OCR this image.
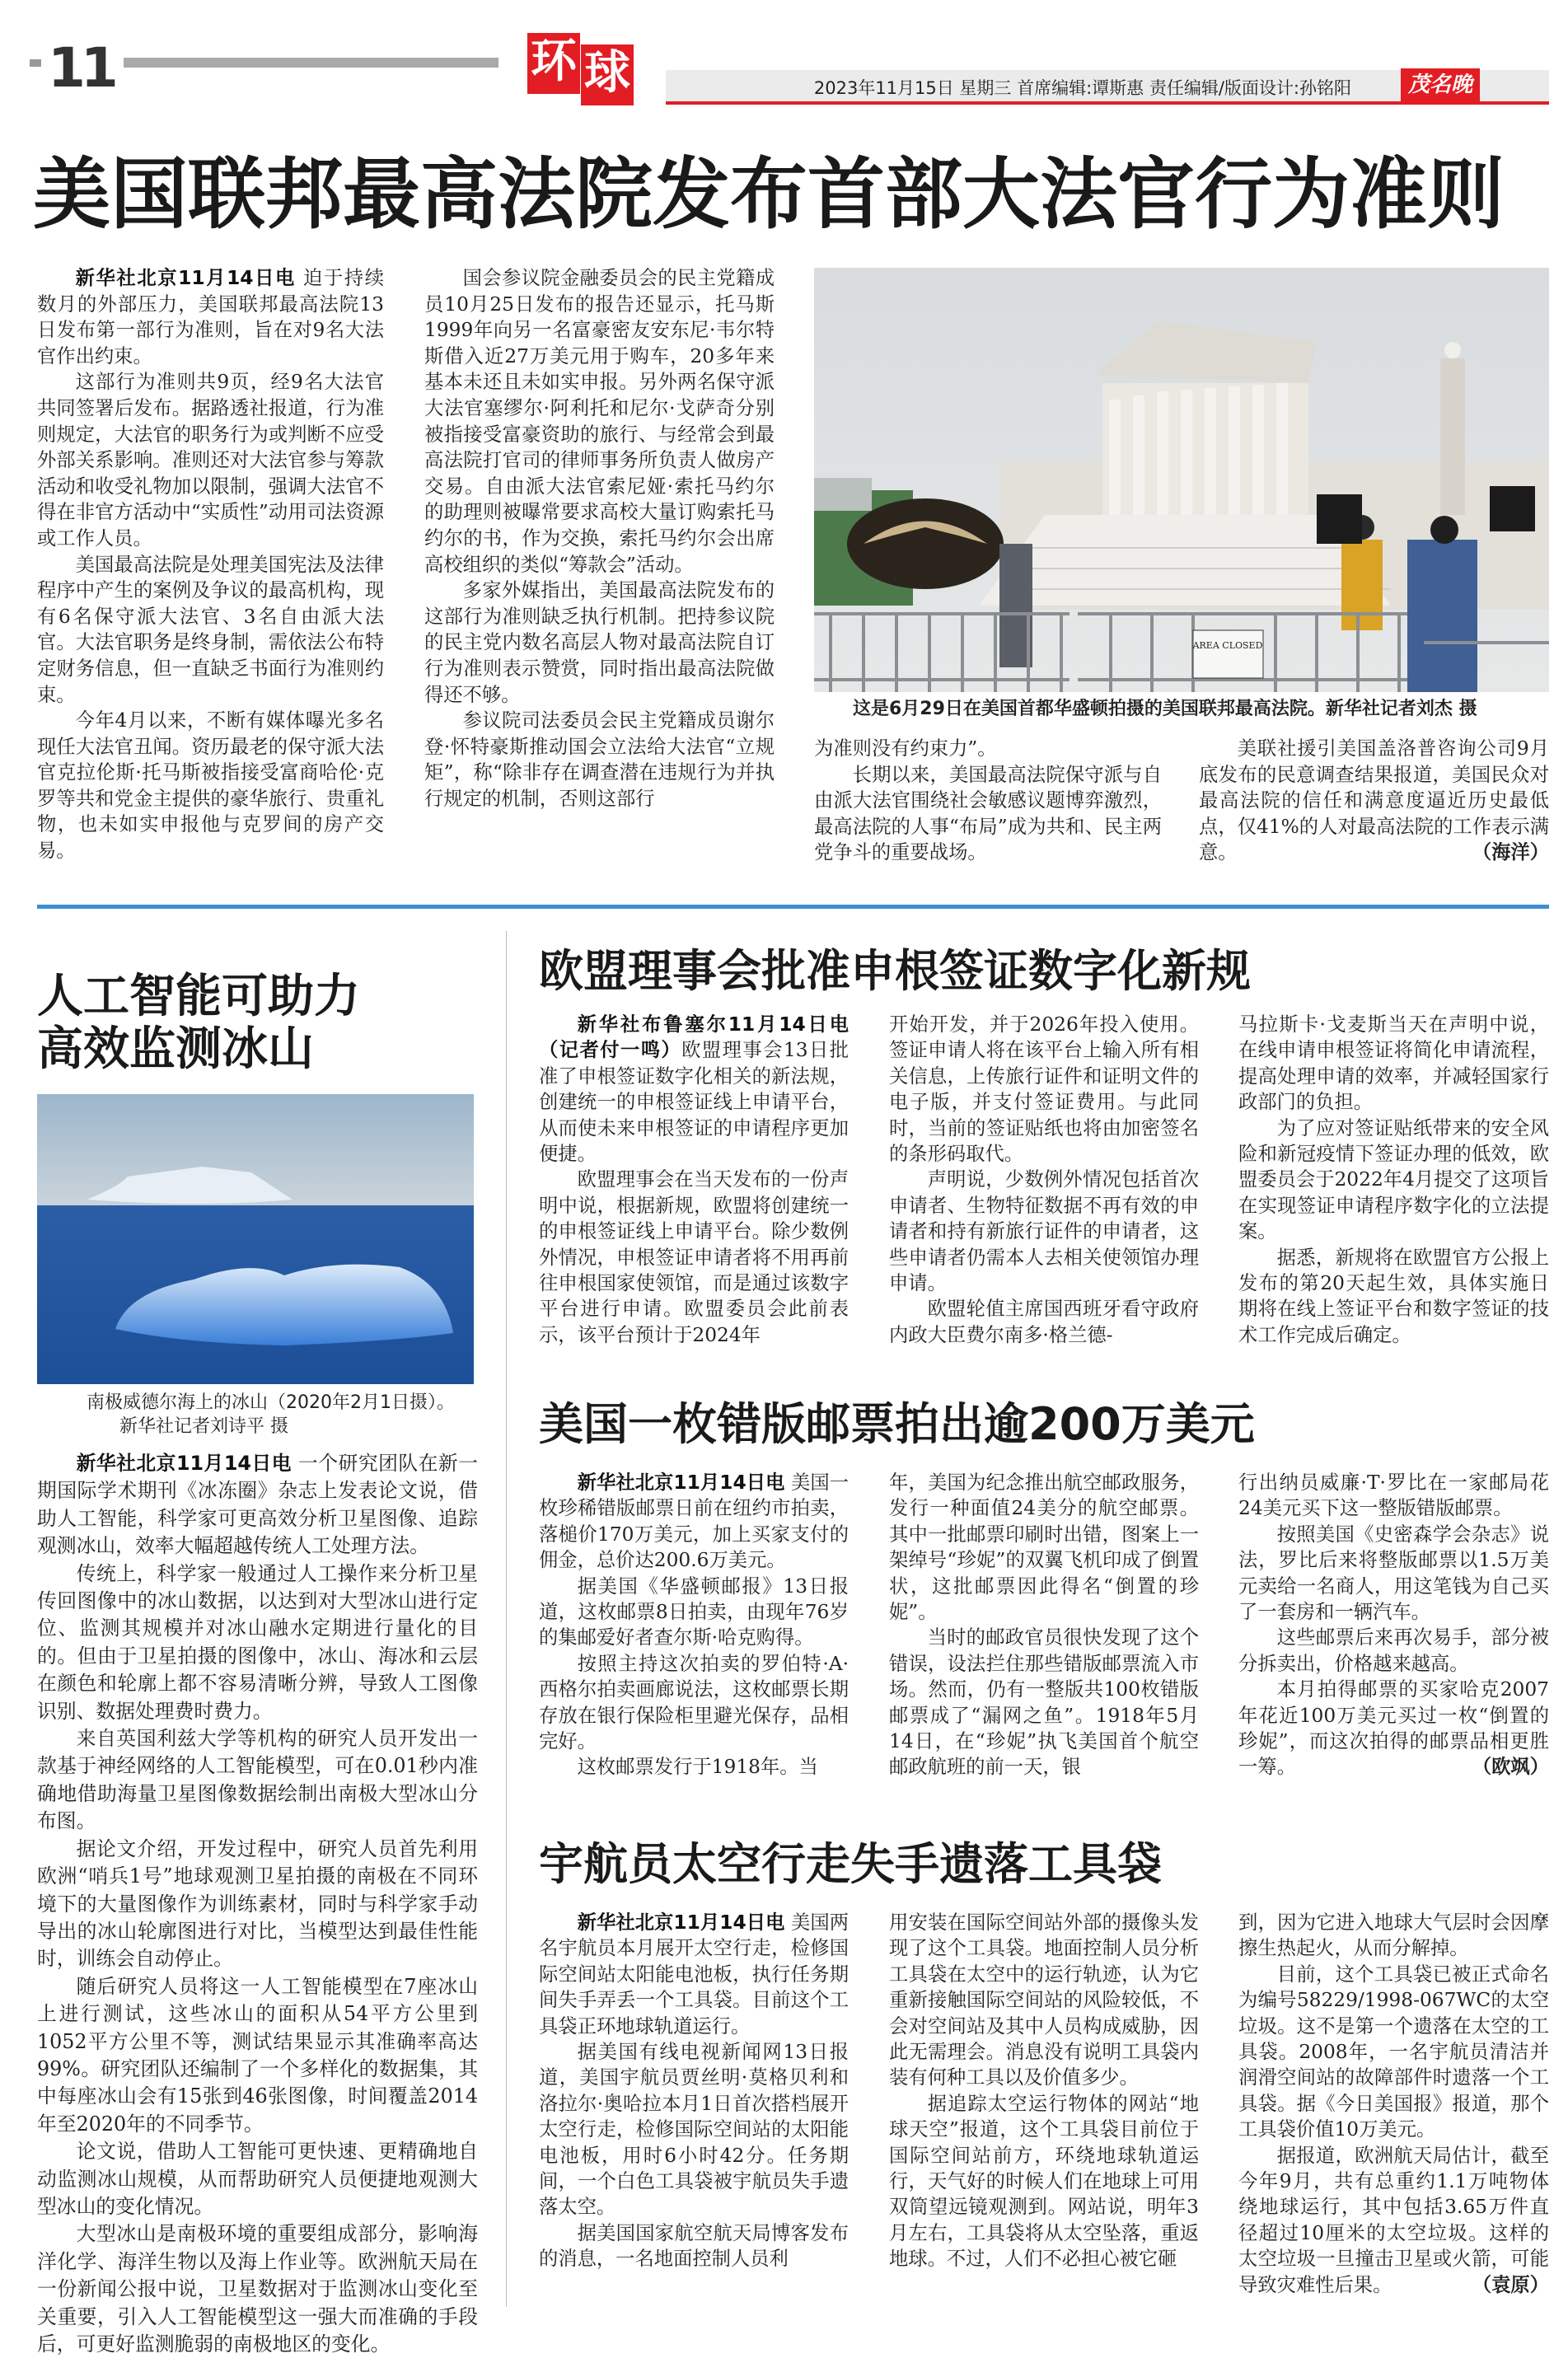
11	环 球	2023年11月15日 星期三 首席编辑:谭斯惠 责任编辑/版面设计:孙铭阳	茂名晚报
美国联邦最高法院发布首部大法官行为准则

新华社北京11月14日电 迫于持续数月的外部压力，美国联邦最高法院13日发布第一部行为准则，旨在对9名大法官作出约束。

这部行为准则共9页，经9名大法官共同签署后发布。据路透社报道，行为准则规定，大法官的职务行为或判断不应受外部关系影响。准则还对大法官参与筹款活动和收受礼物加以限制，强调大法官不得在非官方活动中“实质性”动用司法资源或工作人员。

美国最高法院是处理美国宪法及法律程序中产生的案例及争议的最高机构，现有6名保守派大法官、3名自由派大法官。大法官职务是终身制，需依法公布特定财务信息，但一直缺乏书面行为准则约束。

今年4月以来，不断有媒体曝光多名现任大法官丑闻。资历最老的保守派大法官克拉伦斯·托马斯被指接受富商哈伦·克罗等共和党金主提供的豪华旅行、贵重礼物，也未如实申报他与克罗间的房产交易。

国会参议院金融委员会的民主党籍成员10月25日发布的报告还显示，托马斯1999年向另一名富豪密友安东尼·韦尔特斯借入近27万美元用于购车，20多年来基本未还且未如实申报。另外两名保守派大法官塞缪尔·阿利托和尼尔·戈萨奇分别被指接受富豪资助的旅行、与经常会到最高法院打官司的律师事务所负责人做房产交易。自由派大法官索尼娅·索托马约尔的助理则被曝常要求高校大量订购索托马约尔的书，作为交换，索托马约尔会出席高校组织的类似“筹款会”活动。

多家外媒指出，美国最高法院发布的这部行为准则缺乏执行机制。把持参议院的民主党内数名高层人物对最高法院自订行为准则表示赞赏，同时指出最高法院做得还不够。

参议院司法委员会民主党籍成员谢尔登·怀特豪斯推动国会立法给大法官“立规矩”，称“除非存在调查潜在违规行为并执行规定的机制，否则这部行

AREA CLOSED
这是6月29日在美国首都华盛顿拍摄的美国联邦最高法院。新华社记者刘杰 摄

为准则没有约束力”。

长期以来，美国最高法院保守派与自由派大法官围绕社会敏感议题博弈激烈，最高法院的人事“布局”成为共和、民主两党争斗的重要战场。

美联社援引美国盖洛普咨询公司9月底发布的民意调查结果报道，美国民众对最高法院的信任和满意度逼近历史最低点，仅41%的人对最高法院的工作表示满意。	（海洋）

人工智能可助力
高效监测冰山
南极威德尔海上的冰山（2020年2月1日摄）。 新华社记者刘诗平 摄

新华社北京11月14日电 一个研究团队在新一期国际学术期刊《冰冻圈》杂志上发表论文说，借助人工智能，科学家可更高效分析卫星图像、追踪观测冰山，效率大幅超越传统人工处理方法。

传统上，科学家一般通过人工操作来分析卫星传回图像中的冰山数据，以达到对大型冰山进行定位、监测其规模并对冰山融水定期进行量化的目的。但由于卫星拍摄的图像中，冰山、海冰和云层在颜色和轮廓上都不容易清晰分辨，导致人工图像识别、数据处理费时费力。

来自英国利兹大学等机构的研究人员开发出一款基于神经网络的人工智能模型，可在0.01秒内准确地借助海量卫星图像数据绘制出南极大型冰山分布图。

据论文介绍，开发过程中，研究人员首先利用欧洲“哨兵1号”地球观测卫星拍摄的南极在不同环境下的大量图像作为训练素材，同时与科学家手动导出的冰山轮廓图进行对比，当模型达到最佳性能时，训练会自动停止。

随后研究人员将这一人工智能模型在7座冰山上进行测试，这些冰山的面积从54平方公里到1052平方公里不等，测试结果显示其准确率高达99%。研究团队还编制了一个多样化的数据集，其中每座冰山会有15张到46张图像，时间覆盖2014年至2020年的不同季节。

论文说，借助人工智能可更快速、更精确地自动监测冰山规模，从而帮助研究人员便捷地观测大型冰山的变化情况。

大型冰山是南极环境的重要组成部分，影响海洋化学、海洋生物以及海上作业等。欧洲航天局在一份新闻公报中说，卫星数据对于监测冰山变化至关重要，引入人工智能模型这一强大而准确的手段后，可更好监测脆弱的南极地区的变化。

欧盟理事会批准申根签证数字化新规

新华社布鲁塞尔11月14日电（记者付一鸣）欧盟理事会13日批准了申根签证数字化相关的新法规，创建统一的申根签证线上申请平台，从而使未来申根签证的申请程序更加便捷。

欧盟理事会在当天发布的一份声明中说，根据新规，欧盟将创建统一的申根签证线上申请平台。除少数例外情况，申根签证申请者将不用再前往申根国家使领馆，而是通过该数字平台进行申请。欧盟委员会此前表示，该平台预计于2024年

开始开发，并于2026年投入使用。签证申请人将在该平台上输入所有相关信息，上传旅行证件和证明文件的电子版，并支付签证费用。与此同时，当前的签证贴纸也将由加密签名的条形码取代。

声明说，少数例外情况包括首次申请者、生物特征数据不再有效的申请者和持有新旅行证件的申请者，这些申请者仍需本人去相关使领馆办理申请。

欧盟轮值主席国西班牙看守政府内政大臣费尔南多·格兰德-

马拉斯卡·戈麦斯当天在声明中说，在线申请申根签证将简化申请流程，提高处理申请的效率，并减轻国家行政部门的负担。

为了应对签证贴纸带来的安全风险和新冠疫情下签证办理的低效，欧盟委员会于2022年4月提交了这项旨在实现签证申请程序数字化的立法提案。

据悉，新规将在欧盟官方公报上发布的第20天起生效，具体实施日期将在线上签证平台和数字签证的技术工作完成后确定。

美国一枚错版邮票拍出逾200万美元

新华社北京11月14日电 美国一枚珍稀错版邮票日前在纽约市拍卖，落槌价170万美元，加上买家支付的佣金，总价达200.6万美元。

据美国《华盛顿邮报》13日报道，这枚邮票8日拍卖，由现年76岁的集邮爱好者查尔斯·哈克购得。

按照主持这次拍卖的罗伯特·A·西格尔拍卖画廊说法，这枚邮票长期存放在银行保险柜里避光保存，品相完好。

这枚邮票发行于1918年。当

年，美国为纪念推出航空邮政服务，发行一种面值24美分的航空邮票。其中一批邮票印刷时出错，图案上一架绰号“珍妮”的双翼飞机印成了倒置状，这批邮票因此得名“倒置的珍妮”。

当时的邮政官员很快发现了这个错误，设法拦住那些错版邮票流入市场。然而，仍有一整版共100枚错版邮票成了“漏网之鱼”。1918年5月14日，在“珍妮”执飞美国首个航空邮政航班的前一天，银

行出纳员威廉·T·罗比在一家邮局花24美元买下这一整版错版邮票。

按照美国《史密森学会杂志》说法，罗比后来将整版邮票以1.5万美元卖给一名商人，用这笔钱为自己买了一套房和一辆汽车。

这些邮票后来再次易手，部分被分拆卖出，价格越来越高。

本月拍得邮票的买家哈克2007年花近100万美元买过一枚“倒置的珍妮”，而这次拍得的邮票品相更胜一筹。	（欧飒）

宇航员太空行走失手遗落工具袋

新华社北京11月14日电 美国两名宇航员本月展开太空行走，检修国际空间站太阳能电池板，执行任务期间失手弄丢一个工具袋。目前这个工具袋正环地球轨道运行。

据美国有线电视新闻网13日报道，美国宇航员贾丝明·莫格贝利和洛拉尔·奥哈拉本月1日首次搭档展开太空行走，检修国际空间站的太阳能电池板，用时6小时42分。任务期间，一个白色工具袋被宇航员失手遗落太空。

据美国国家航空航天局博客发布的消息，一名地面控制人员利

用安装在国际空间站外部的摄像头发现了这个工具袋。地面控制人员分析工具袋在太空中的运行轨迹，认为它重新接触国际空间站的风险较低，不会对空间站及其中人员构成威胁，因此无需理会。消息没有说明工具袋内装有何种工具以及价值多少。

据追踪太空运行物体的网站“地球天空”报道，这个工具袋目前位于国际空间站前方，环绕地球轨道运行，天气好的时候人们在地球上可用双筒望远镜观测到。网站说，明年3月左右，工具袋将从太空坠落，重返地球。不过，人们不必担心被它砸

到，因为它进入地球大气层时会因摩擦生热起火，从而分解掉。

目前，这个工具袋已被正式命名为编号58229/1998-067WC的太空垃圾。这不是第一个遗落在太空的工具袋。2008年，一名宇航员清洁并润滑空间站的故障部件时遗落一个工具袋。据《今日美国报》报道，那个工具袋价值10万美元。

据报道，欧洲航天局估计，截至今年9月，共有总重约1.1万吨物体绕地球运行，其中包括3.65万件直径超过10厘米的太空垃圾。这样的太空垃圾一旦撞击卫星或火箭，可能导致灾难性后果。	（袁原）
